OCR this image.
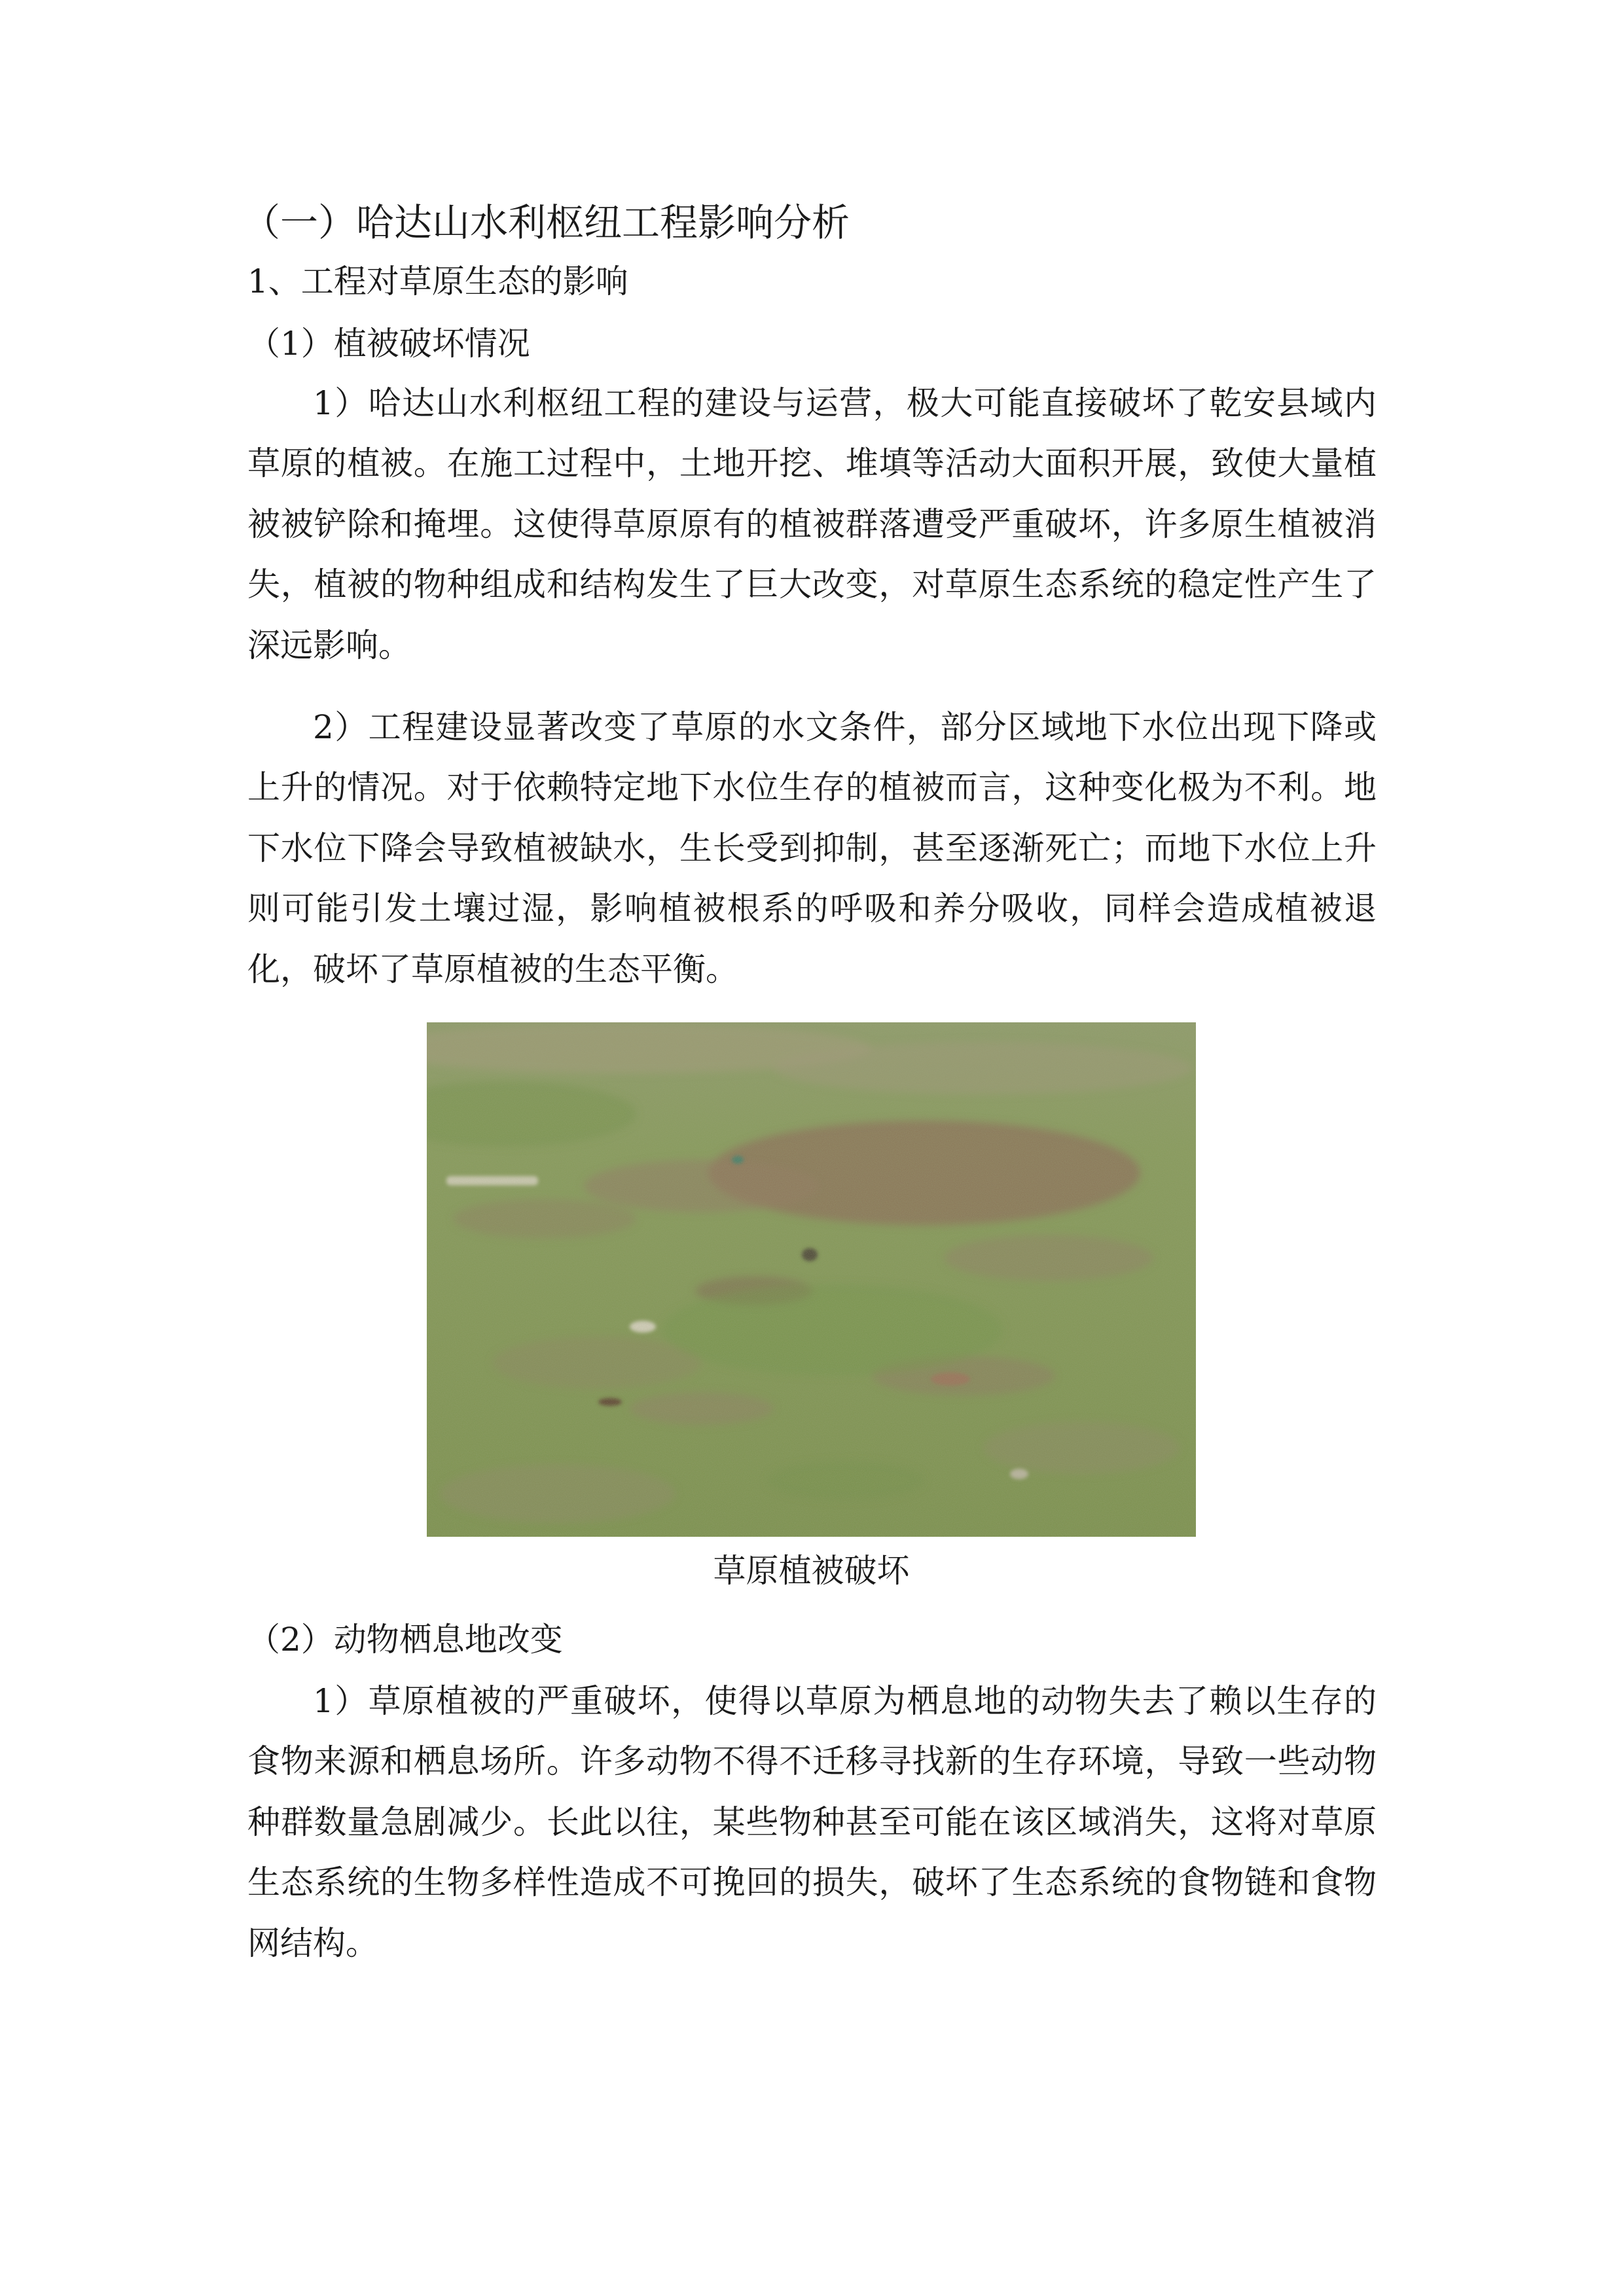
（一）哈达山水利枢纽工程影响分析
1、工程对草原生态的影响
（1）植被破坏情况

1）哈达山水利枢纽工程的建设与运营，极大可能直接破坏了乾安县域内草原的植被。在施工过程中，土地开挖、堆填等活动大面积开展，致使大量植被被铲除和掩埋。这使得草原原有的植被群落遭受严重破坏，许多原生植被消失，植被的物种组成和结构发生了巨大改变，对草原生态系统的稳定性产生了深远影响。

2）工程建设显著改变了草原的水文条件，部分区域地下水位出现下降或上升的情况。对于依赖特定地下水位生存的植被而言，这种变化极为不利。地下水位下降会导致植被缺水，生长受到抑制，甚至逐渐死亡；而地下水位上升则可能引发土壤过湿，影响植被根系的呼吸和养分吸收，同样会造成植被退化，破坏了草原植被的生态平衡。

草原植被破坏
（2）动物栖息地改变

1）草原植被的严重破坏，使得以草原为栖息地的动物失去了赖以生存的食物来源和栖息场所。许多动物不得不迁移寻找新的生存环境，导致一些动物种群数量急剧减少。长此以往，某些物种甚至可能在该区域消失，这将对草原生态系统的生物多样性造成不可挽回的损失，破坏了生态系统的食物链和食物网结构。
